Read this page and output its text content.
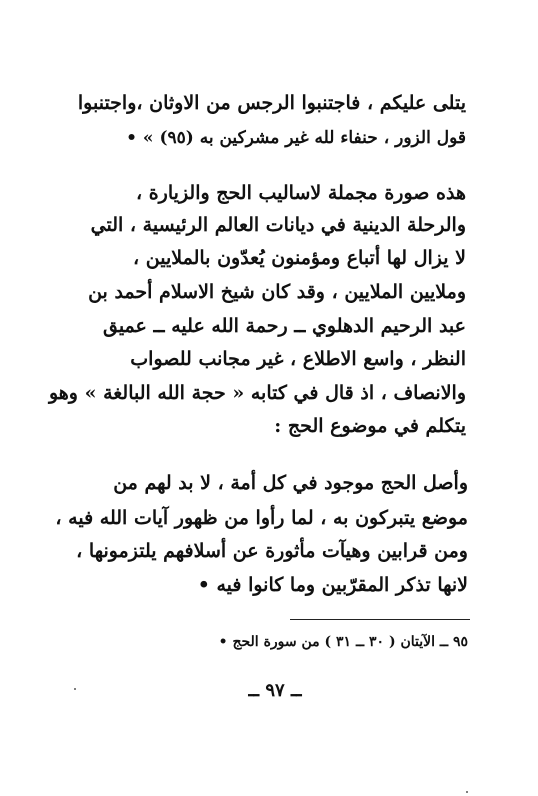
يتلى عليكم ، فاجتنبوا الرجس من الاوثان ،واجتنبوا
قول الزور ، حنفاء لله غير مشركين به (٩٥) » •
هذه صورة مجملة لاساليب الحج والزيارة ،
والرحلة الدينية في ديانات العالم الرئيسية ، التي
لا يزال لها أتباع ومؤمنون يُعدّون بالملايين ،
وملايين الملايين ، وقد كان شيخ الاسلام أحمد بن
عبد الرحيم الدهلوي ــ رحمة الله عليه ــ عميق
النظر ، واسع الاطلاع ، غير مجانب للصواب
والانصاف ، اذ قال في كتابه « حجة الله البالغة » وهو
يتكلم في موضوع الحج :
وأصل الحج موجود في كل أمة ، لا بد لهم من
موضع يتبركون به ، لما رأوا من ظهور آيات الله فيه ،
ومن قرابين وهيآت مأثورة عن أسلافهم يلتزمونها ،
لانها تذكر المقرّبين وما كانوا فيه •
٩٥ ــ الآيتان ( ٣٠ ــ ٣١ ) من سورة الحج •
ــ ٩٧ ــ
